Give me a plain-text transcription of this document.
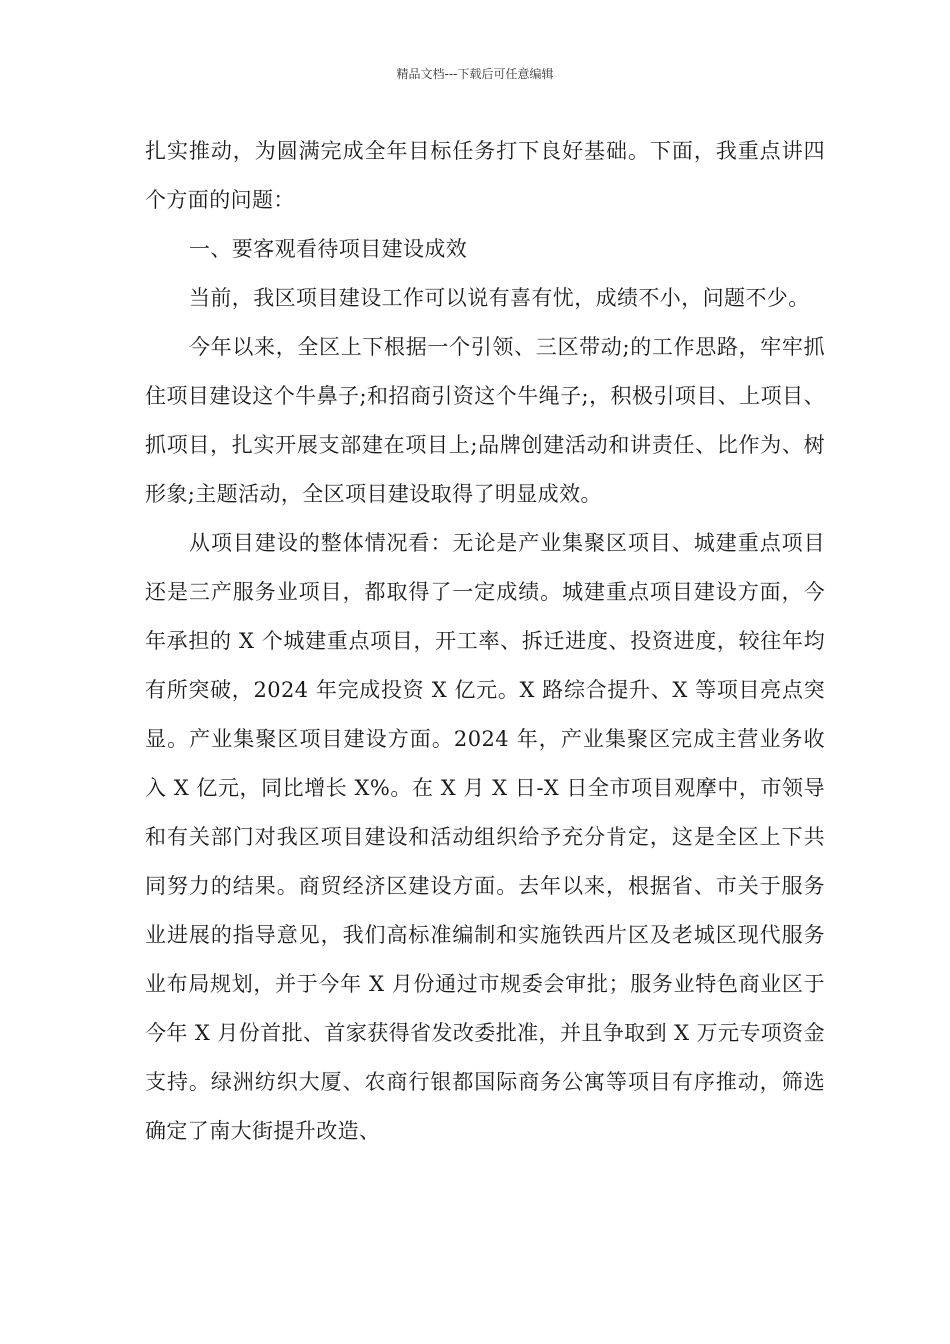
精品文档---下载后可任意编辑

扎实推动，为圆满完成全年目标任务打下良好基础。下面，我重点讲四个方面的问题：

一、要客观看待项目建设成效

当前，我区项目建设工作可以说有喜有忧，成绩不小，问题不少。

今年以来，全区上下根据一个引领、三区带动;的工作思路，牢牢抓住项目建设这个牛鼻子;和招商引资这个牛绳子;，积极引项目、上项目、抓项目，扎实开展支部建在项目上;品牌创建活动和讲责任、比作为、树形象;主题活动，全区项目建设取得了明显成效。

从项目建设的整体情况看：无论是产业集聚区项目、城建重点项目还是三产服务业项目，都取得了一定成绩。城建重点项目建设方面，今年承担的 X 个城建重点项目，开工率、拆迁进度、投资进度，较往年均有所突破，2024 年完成投资 X 亿元。X 路综合提升、X 等项目亮点突显。产业集聚区项目建设方面。2024 年，产业集聚区完成主营业务收入 X 亿元，同比增长 X%。在 X 月 X 日-X 日全市项目观摩中，市领导和有关部门对我区项目建设和活动组织给予充分肯定，这是全区上下共同努力的结果。商贸经济区建设方面。去年以来，根据省、市关于服务业进展的指导意见，我们高标准编制和实施铁西片区及老城区现代服务业布局规划，并于今年 X 月份通过市规委会审批；服务业特色商业区于今年 X 月份首批、首家获得省发改委批准，并且争取到 X 万元专项资金支持。绿洲纺织大厦、农商行银都国际商务公寓等项目有序推动，筛选确定了南大街提升改造、
